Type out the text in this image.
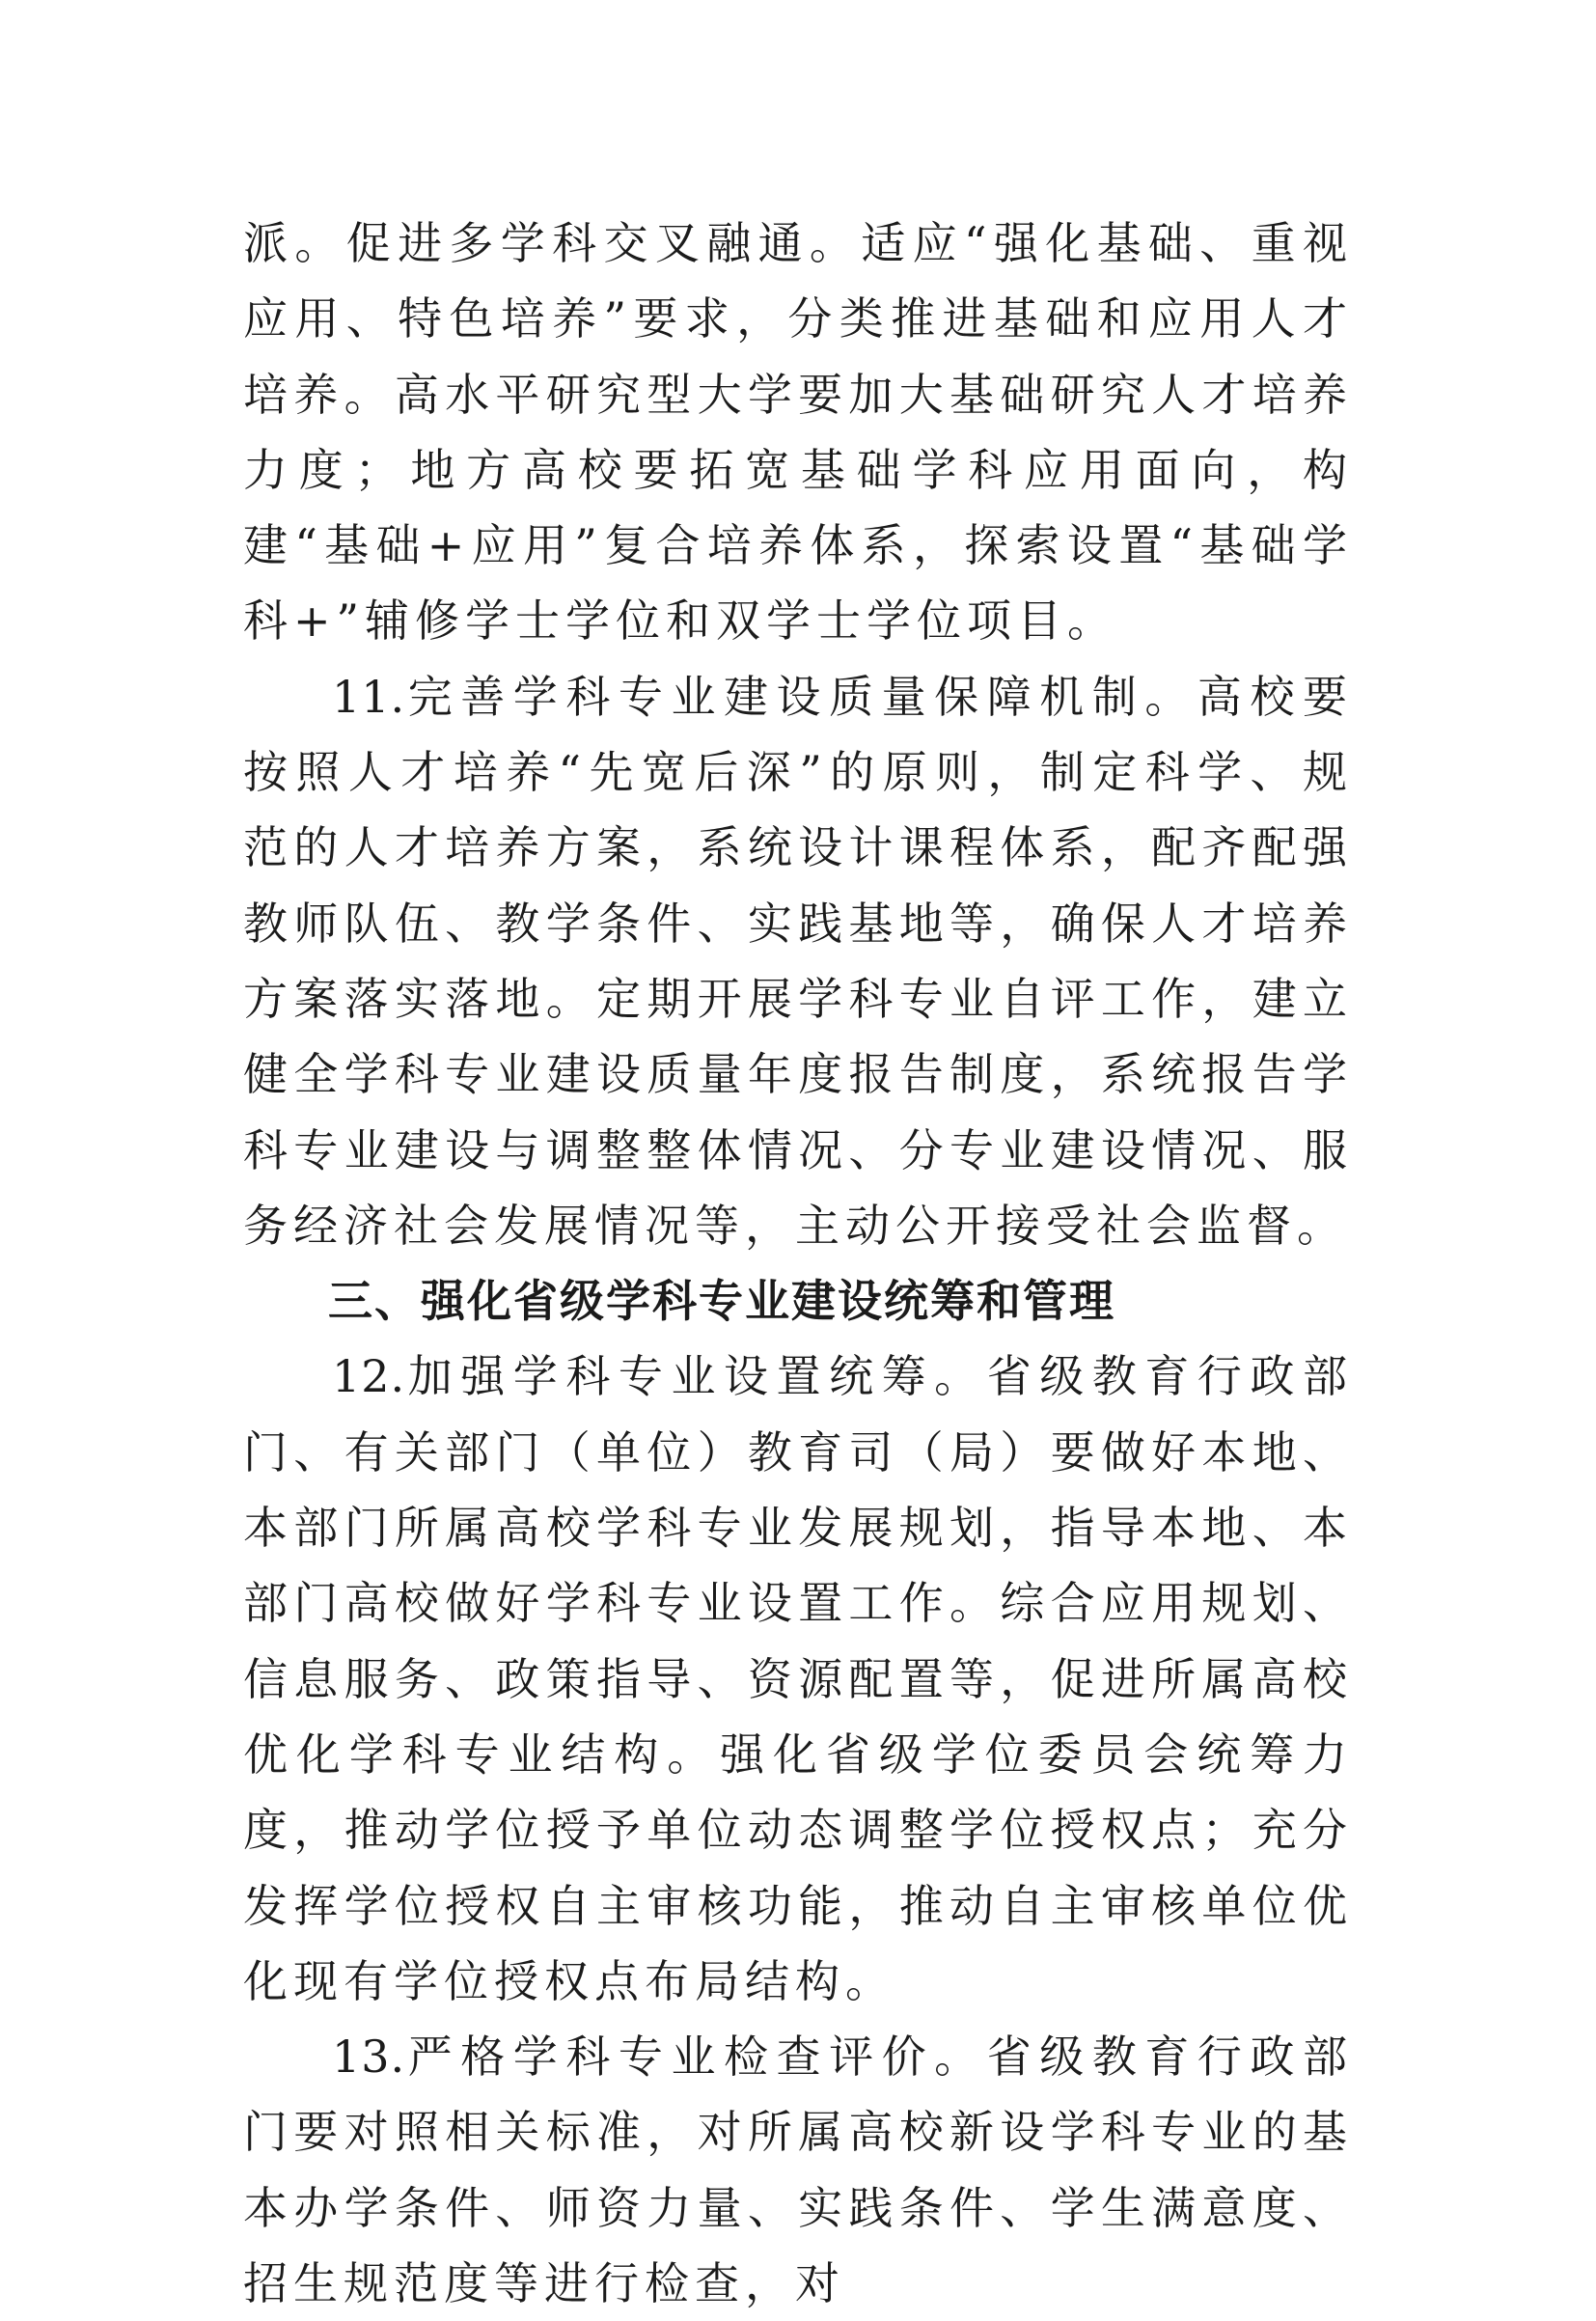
派。促进多学科交叉融通。适应“强化基础、重视应用、特色培养”要求，分类推进基础和应用人才培养。高水平研究型大学要加大基础研究人才培养力度；地方高校要拓宽基础学科应用面向，构建“基础+应用”复合培养体系，探索设置“基础学科+”辅修学士学位和双学士学位项目。

11.完善学科专业建设质量保障机制。高校要按照人才培养“先宽后深”的原则，制定科学、规范的人才培养方案，系统设计课程体系，配齐配强教师队伍、教学条件、实践基地等，确保人才培养方案落实落地。定期开展学科专业自评工作，建立健全学科专业建设质量年度报告制度，系统报告学科专业建设与调整整体情况、分专业建设情况、服务经济社会发展情况等，主动公开接受社会监督。

三、强化省级学科专业建设统筹和管理

12.加强学科专业设置统筹。省级教育行政部门、有关部门（单位）教育司（局）要做好本地、本部门所属高校学科专业发展规划，指导本地、本部门高校做好学科专业设置工作。综合应用规划、信息服务、政策指导、资源配置等，促进所属高校优化学科专业结构。强化省级学位委员会统筹力度，推动学位授予单位动态调整学位授权点；充分发挥学位授权自主审核功能，推动自主审核单位优化现有学位授权点布局结构。

13.严格学科专业检查评价。省级教育行政部门要对照相关标准，对所属高校新设学科专业的基本办学条件、师资力量、实践条件、学生满意度、招生规范度等进行检查，对
